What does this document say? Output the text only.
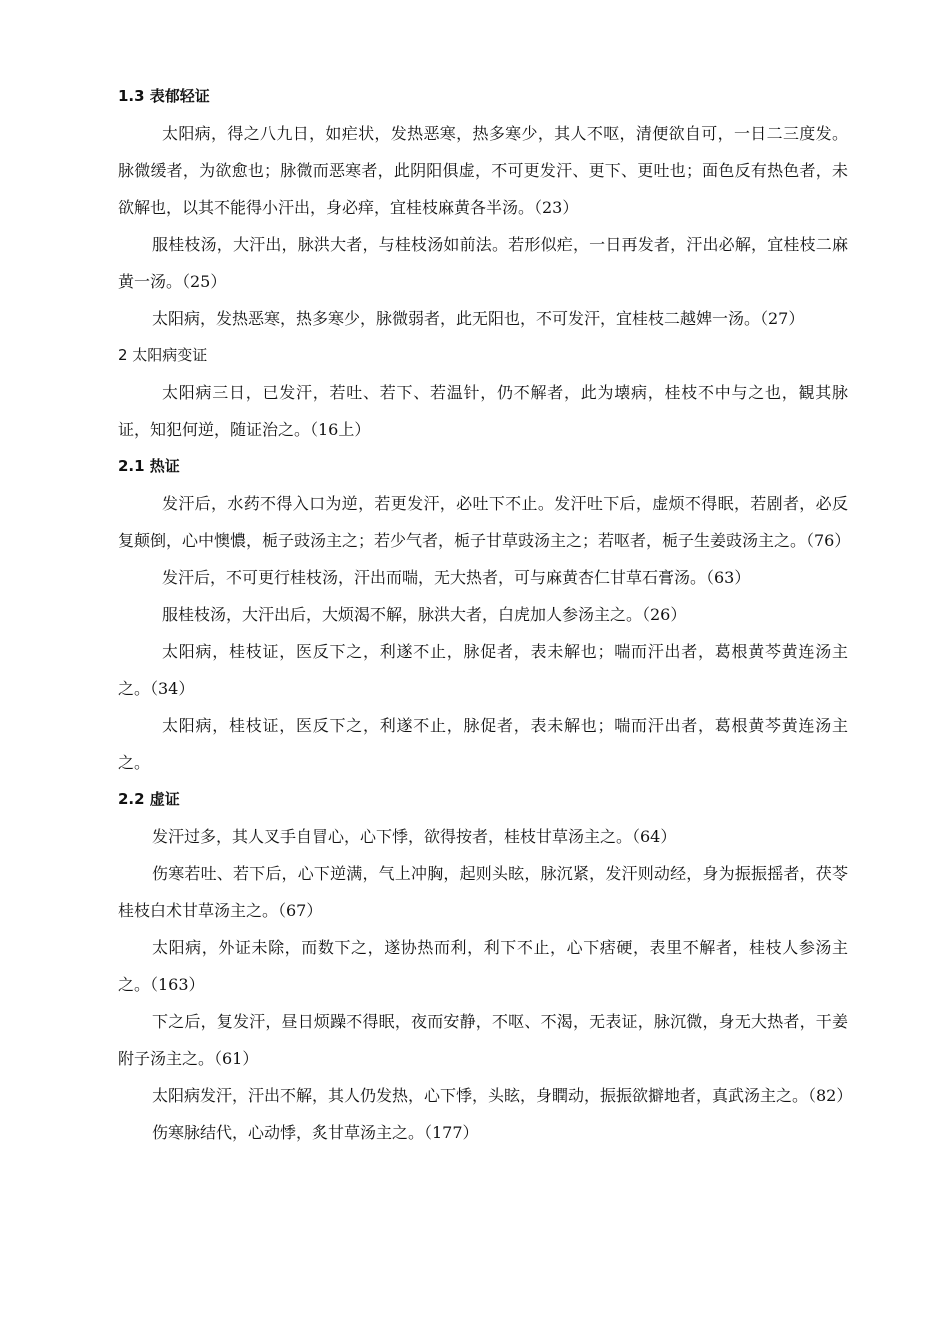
1.3 表郁轻证

太阳病，得之八九日，如疟状，发热恶寒，热多寒少，其人不呕，清便欲自可，一日二三度发。脉微缓者，为欲愈也；脉微而恶寒者，此阴阳俱虚，不可更发汗、更下、更吐也；面色反有热色者，未欲解也，以其不能得小汗出，身必痒，宜桂枝麻黄各半汤。（23）

服桂枝汤，大汗出，脉洪大者，与桂枝汤如前法。若形似疟，一日再发者，汗出必解，宜桂枝二麻黄一汤。（25）

太阳病，发热恶寒，热多寒少，脉微弱者，此无阳也，不可发汗，宜桂枝二越婢一汤。（27）

2 太阳病变证

太阳病三日，已发汗，若吐、若下、若温针，仍不解者，此为壊病，桂枝不中与之也，観其脉证，知犯何逆，随证治之。（16上）

2.1 热证

发汗后，水药不得入口为逆，若更发汗，必吐下不止。发汗吐下后，虚烦不得眠，若剧者，必反复颠倒，心中懊憹，栀子豉汤主之；若少气者，栀子甘草豉汤主之；若呕者，栀子生姜豉汤主之。（76）

发汗后，不可更行桂枝汤，汗出而喘，无大热者，可与麻黄杏仁甘草石膏汤。（63）

服桂枝汤，大汗出后，大烦渴不解，脉洪大者，白虎加人参汤主之。（26）

太阳病，桂枝证，医反下之，利遂不止，脉促者，表未解也；喘而汗出者，葛根黄芩黄连汤主之。（34）

太阳病，桂枝证，医反下之，利遂不止，脉促者，表未解也；喘而汗出者，葛根黄芩黄连汤主之。

2.2 虚证

发汗过多，其人叉手自冒心，心下悸，欲得按者，桂枝甘草汤主之。（64）

伤寒若吐、若下后，心下逆满，气上冲胸，起则头眩，脉沉紧，发汗则动经，身为振振摇者，茯苓桂枝白术甘草汤主之。（67）

太阳病，外证未除，而数下之，遂协热而利，利下不止，心下痞硬，表里不解者，桂枝人参汤主之。（163）

下之后，复发汗，昼日烦躁不得眠，夜而安静，不呕、不渴，无表证，脉沉微，身无大热者，干姜附子汤主之。（61）

太阳病发汗，汗出不解，其人仍发热，心下悸，头眩，身瞤动，振振欲擗地者，真武汤主之。（82）

伤寒脉结代，心动悸，炙甘草汤主之。（177）
